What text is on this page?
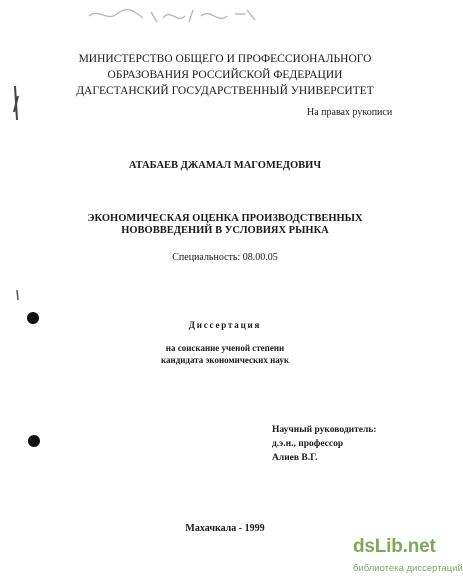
МИНИСТЕРСТВО ОБЩЕГО И ПРОФЕССИОНАЛЬНОГО
ОБРАЗОВАНИЯ РОССИЙСКОЙ ФЕДЕРАЦИИ
ДАГЕСТАНСКИЙ ГОСУДАРСТВЕННЫЙ УНИВЕРСИТЕТ
На правах рукописи
АТАБАЕВ ДЖАМАЛ МАГОМЕДОВИЧ
ЭКОНОМИЧЕСКАЯ ОЦЕНКА ПРОИЗВОДСТВЕННЫХ
НОВОВВЕДЕНИЙ В УСЛОВИЯХ РЫНКА
Специальность: 08.00.05
Диссертация
на соискание ученой степени
кандидата экономических наук
Научный руководитель:
д.э.н., профессор
Алиев В.Г.
Махачкала - 1999
dsLib.net
библиотека диссертаций
